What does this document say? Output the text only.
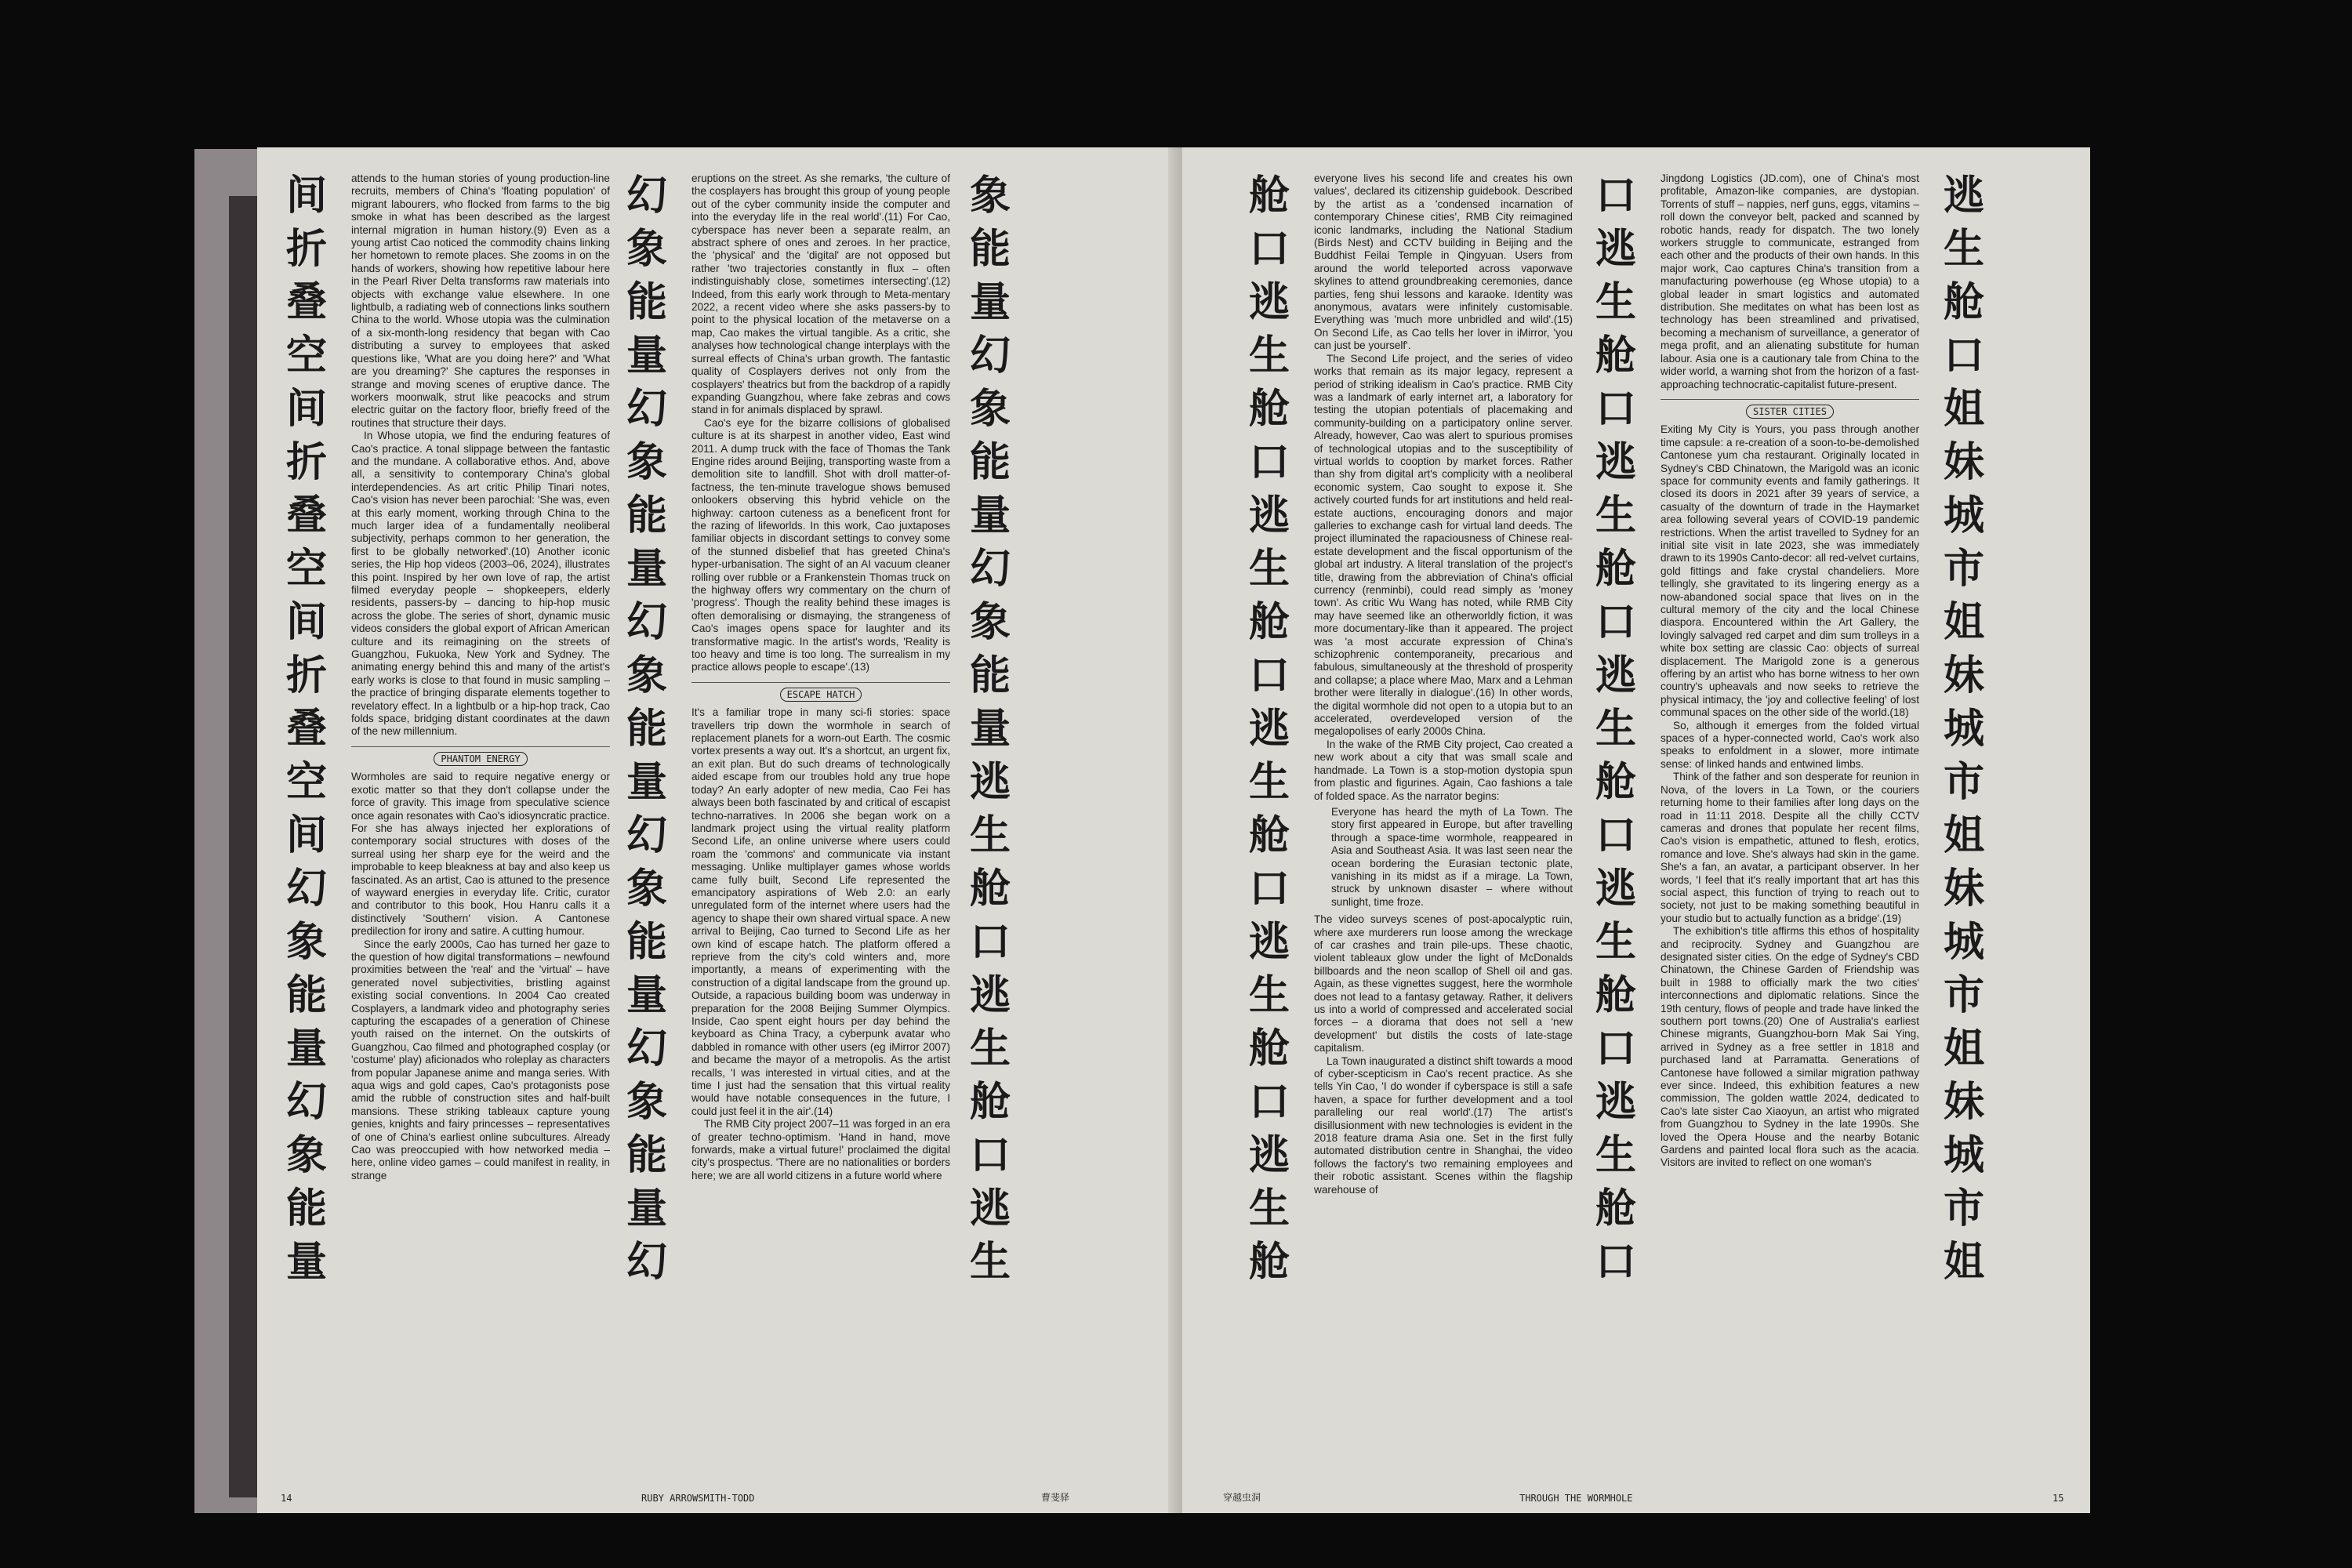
间折叠空间折叠空间折叠空间幻象能量幻象能量

attends to the human stories of young production-line recruits, members of China's 'floating population' of migrant labourers, who flocked from farms to the big smoke in what has been described as the largest internal migration in human history.(9) Even as a young artist Cao noticed the commodity chains linking her hometown to remote places. She zooms in on the hands of workers, showing how repetitive labour here in the Pearl River Delta transforms raw materials into objects with exchange value elsewhere. In one lightbulb, a radiating web of connections links southern China to the world. Whose utopia was the culmination of a six-month-long residency that began with Cao distributing a survey to employees that asked questions like, 'What are you doing here?' and 'What are you dreaming?' She captures the responses in strange and moving scenes of eruptive dance. The workers moonwalk, strut like peacocks and strum electric guitar on the factory floor, briefly freed of the routines that structure their days.

In Whose utopia, we find the enduring features of Cao's practice. A tonal slippage between the fantastic and the mundane. A collaborative ethos. And, above all, a sensitivity to contemporary China's global interdependencies. As art critic Philip Tinari notes, Cao's vision has never been parochial: 'She was, even at this early moment, working through China to the much larger idea of a fundamentally neoliberal subjectivity, perhaps common to her generation, the first to be globally networked'.(10) Another iconic series, the Hip hop videos (2003–06, 2024), illustrates this point. Inspired by her own love of rap, the artist filmed everyday people – shopkeepers, elderly residents, passers-by – dancing to hip-hop music across the globe. The series of short, dynamic music videos considers the global export of African American culture and its reimagining on the streets of Guangzhou, Fukuoka, New York and Sydney. The animating energy behind this and many of the artist's early works is close to that found in music sampling – the practice of bringing disparate elements together to revelatory effect. In a lightbulb or a hip-hop track, Cao folds space, bridging distant coordinates at the dawn of the new millennium.

PHANTOM ENERGY

Wormholes are said to require negative energy or exotic matter so that they don't collapse under the force of gravity. This image from speculative science once again resonates with Cao's idiosyncratic practice. For she has always injected her explorations of contemporary social structures with doses of the surreal using her sharp eye for the weird and the improbable to keep bleakness at bay and also keep us fascinated. As an artist, Cao is attuned to the presence of wayward energies in everyday life. Critic, curator and contributor to this book, Hou Hanru calls it a distinctively 'Southern' vision. A Cantonese predilection for irony and satire. A cutting humour.

Since the early 2000s, Cao has turned her gaze to the question of how digital transformations – newfound proximities between the 'real' and the 'virtual' – have generated novel subjectivities, bristling against existing social conventions. In 2004 Cao created Cosplayers, a landmark video and photography series capturing the escapades of a generation of Chinese youth raised on the internet. On the outskirts of Guangzhou, Cao filmed and photographed cosplay (or 'costume' play) aficionados who roleplay as characters from popular Japanese anime and manga series. With aqua wigs and gold capes, Cao's protagonists pose amid the rubble of construction sites and half-built mansions. These striking tableaux capture young genies, knights and fairy princesses – representatives of one of China's earliest online subcultures. Already Cao was preoccupied with how networked media – here, online video games – could manifest in reality, in strange

幻象能量幻象能量幻象能量幻象能量幻象能量幻

eruptions on the street. As she remarks, 'the culture of the cosplayers has brought this group of young people out of the cyber community inside the computer and into the everyday life in the real world'.(11) For Cao, cyberspace has never been a separate realm, an abstract sphere of ones and zeroes. In her practice, the 'physical' and the 'digital' are not opposed but rather 'two trajectories constantly in flux – often indistinguishably close, sometimes intersecting'.(12) Indeed, from this early work through to Meta-mentary 2022, a recent video where she asks passers-by to point to the physical location of the metaverse on a map, Cao makes the virtual tangible. As a critic, she analyses how technological change interplays with the surreal effects of China's urban growth. The fantastic quality of Cosplayers derives not only from the cosplayers' theatrics but from the backdrop of a rapidly expanding Guangzhou, where fake zebras and cows stand in for animals displaced by sprawl.

Cao's eye for the bizarre collisions of globalised culture is at its sharpest in another video, East wind 2011. A dump truck with the face of Thomas the Tank Engine rides around Beijing, transporting waste from a demolition site to landfill. Shot with droll matter-of-factness, the ten-minute travelogue shows bemused onlookers observing this hybrid vehicle on the highway: cartoon cuteness as a beneficent front for the razing of lifeworlds. In this work, Cao juxtaposes familiar objects in discordant settings to convey some of the stunned disbelief that has greeted China's hyper-urbanisation. The sight of an AI vacuum cleaner rolling over rubble or a Frankenstein Thomas truck on the highway offers wry commentary on the churn of 'progress'. Though the reality behind these images is often demoralising or dismaying, the strangeness of Cao's images opens space for laughter and its transformative magic. In the artist's words, 'Reality is too heavy and time is too long. The surrealism in my practice allows people to escape'.(13)

ESCAPE HATCH

It's a familiar trope in many sci-fi stories: space travellers trip down the wormhole in search of replacement planets for a worn-out Earth. The cosmic vortex presents a way out. It's a shortcut, an urgent fix, an exit plan. But do such dreams of technologically aided escape from our troubles hold any true hope today? An early adopter of new media, Cao Fei has always been both fascinated by and critical of escapist techno-narratives. In 2006 she began work on a landmark project using the virtual reality platform Second Life, an online universe where users could roam the 'commons' and communicate via instant messaging. Unlike multiplayer games whose worlds came fully built, Second Life represented the emancipatory aspirations of Web 2.0: an early unregulated form of the internet where users had the agency to shape their own shared virtual space. A new arrival to Beijing, Cao turned to Second Life as her own kind of escape hatch. The platform offered a reprieve from the city's cold winters and, more importantly, a means of experimenting with the construction of a digital landscape from the ground up. Outside, a rapacious building boom was underway in preparation for the 2008 Beijing Summer Olympics. Inside, Cao spent eight hours per day behind the keyboard as China Tracy, a cyberpunk avatar who dabbled in romance with other users (eg iMirror 2007) and became the mayor of a metropolis. As the artist recalls, 'I was interested in virtual cities, and at the time I just had the sensation that this virtual reality would have notable consequences in the future, I could just feel it in the air'.(14)

The RMB City project 2007–11 was forged in an era of greater techno-optimism. 'Hand in hand, move forwards, make a virtual future!' proclaimed the digital city's prospectus. 'There are no nationalities or borders here; we are all world citizens in a future world where

象能量幻象能量幻象能量逃生舱口逃生舱口逃生
14	RUBY ARROWSMITH-TODD	曹斐驿
舱口逃生舱口逃生舱口逃生舱口逃生舱口逃生舱

everyone lives his second life and creates his own values', declared its citizenship guidebook. Described by the artist as a 'condensed incarnation of contemporary Chinese cities', RMB City reimagined iconic landmarks, including the National Stadium (Birds Nest) and CCTV building in Beijing and the Buddhist Feilai Temple in Qingyuan. Users from around the world teleported across vaporwave skylines to attend groundbreaking ceremonies, dance parties, feng shui lessons and karaoke. Identity was anonymous, avatars were infinitely customisable. Everything was 'much more unbridled and wild'.(15) On Second Life, as Cao tells her lover in iMirror, 'you can just be yourself'.

The Second Life project, and the series of video works that remain as its major legacy, represent a period of striking idealism in Cao's practice. RMB City was a landmark of early internet art, a laboratory for testing the utopian potentials of placemaking and community-building on a participatory online server. Already, however, Cao was alert to spurious promises of technological utopias and to the susceptibility of virtual worlds to cooption by market forces. Rather than shy from digital art's complicity with a neoliberal economic system, Cao sought to expose it. She actively courted funds for art institutions and held real-estate auctions, encouraging donors and major galleries to exchange cash for virtual land deeds. The project illuminated the rapaciousness of Chinese real-estate development and the fiscal opportunism of the global art industry. A literal translation of the project's title, drawing from the abbreviation of China's official currency (renminbi), could read simply as 'money town'. As critic Wu Wang has noted, while RMB City may have seemed like an otherworldly fiction, it was more documentary-like than it appeared. The project was 'a most accurate expression of China's schizophrenic contemporaneity, precarious and fabulous, simultaneously at the threshold of prosperity and collapse; a place where Mao, Marx and a Lehman brother were literally in dialogue'.(16) In other words, the digital wormhole did not open to a utopia but to an accelerated, overdeveloped version of the megalopolises of early 2000s China.

In the wake of the RMB City project, Cao created a new work about a city that was small scale and handmade. La Town is a stop-motion dystopia spun from plastic and figurines. Again, Cao fashions a tale of folded space. As the narrator begins:

Everyone has heard the myth of La Town. The story first appeared in Europe, but after travelling through a space-time wormhole, reappeared in Asia and Southeast Asia. It was last seen near the ocean bordering the Eurasian tectonic plate, vanishing in its midst as if a mirage. La Town, struck by unknown disaster – where without sunlight, time froze.

The video surveys scenes of post-apocalyptic ruin, where axe murderers run loose among the wreckage of car crashes and train pile-ups. These chaotic, violent tableaux glow under the light of McDonalds billboards and the neon scallop of Shell oil and gas. Again, as these vignettes suggest, here the wormhole does not lead to a fantasy getaway. Rather, it delivers us into a world of compressed and accelerated social forces – a diorama that does not sell a 'new development' but distils the costs of late-stage capitalism.

La Town inaugurated a distinct shift towards a mood of cyber-scepticism in Cao's recent practice. As she tells Yin Cao, 'I do wonder if cyberspace is still a safe haven, a space for further development and a tool paralleling our real world'.(17) The artist's disillusionment with new technologies is evident in the 2018 feature drama Asia one. Set in the first fully automated distribution centre in Shanghai, the video follows the factory's two remaining employees and their robotic assistant. Scenes within the flagship warehouse of

口逃生舱口逃生舱口逃生舱口逃生舱口逃生舱口

Jingdong Logistics (JD.com), one of China's most profitable, Amazon-like companies, are dystopian. Torrents of stuff – nappies, nerf guns, eggs, vitamins – roll down the conveyor belt, packed and scanned by robotic hands, ready for dispatch. The two lonely workers struggle to communicate, estranged from each other and the products of their own hands. In this major work, Cao captures China's transition from a manufacturing powerhouse (eg Whose utopia) to a global leader in smart logistics and automated distribution. She meditates on what has been lost as technology has been streamlined and privatised, becoming a mechanism of surveillance, a generator of mega profit, and an alienating substitute for human labour. Asia one is a cautionary tale from China to the wider world, a warning shot from the horizon of a fast-approaching technocratic-capitalist future-present.

SISTER CITIES

Exiting My City is Yours, you pass through another time capsule: a re-creation of a soon-to-be-demolished Cantonese yum cha restaurant. Originally located in Sydney's CBD Chinatown, the Marigold was an iconic space for community events and family gatherings. It closed its doors in 2021 after 39 years of service, a casualty of the downturn of trade in the Haymarket area following several years of COVID-19 pandemic restrictions. When the artist travelled to Sydney for an initial site visit in late 2023, she was immediately drawn to its 1990s Canto-decor: all red-velvet curtains, gold fittings and fake crystal chandeliers. More tellingly, she gravitated to its lingering energy as a now-abandoned social space that lives on in the cultural memory of the city and the local Chinese diaspora. Encountered within the Art Gallery, the lovingly salvaged red carpet and dim sum trolleys in a white box setting are classic Cao: objects of surreal displacement. The Marigold zone is a generous offering by an artist who has borne witness to her own country's upheavals and now seeks to retrieve the physical intimacy, the 'joy and collective feeling' of lost communal spaces on the other side of the world.(18)

So, although it emerges from the folded virtual spaces of a hyper-connected world, Cao's work also speaks to enfoldment in a slower, more intimate sense: of linked hands and entwined limbs.

Think of the father and son desperate for reunion in Nova, of the lovers in La Town, or the couriers returning home to their families after long days on the road in 11:11 2018. Despite all the chilly CCTV cameras and drones that populate her recent films, Cao's vision is empathetic, attuned to flesh, erotics, romance and love. She's always had skin in the game. She's a fan, an avatar, a participant observer. In her words, 'I feel that it's really important that art has this social aspect, this function of trying to reach out to society, not just to be making something beautiful in your studio but to actually function as a bridge'.(19)

The exhibition's title affirms this ethos of hospitality and reciprocity. Sydney and Guangzhou are designated sister cities. On the edge of Sydney's CBD Chinatown, the Chinese Garden of Friendship was built in 1988 to officially mark the two cities' interconnections and diplomatic relations. Since the 19th century, flows of people and trade have linked the southern port towns.(20) One of Australia's earliest Chinese migrants, Guangzhou-born Mak Sai Ying, arrived in Sydney as a free settler in 1818 and purchased land at Parramatta. Generations of Cantonese have followed a similar migration pathway ever since. Indeed, this exhibition features a new commission, The golden wattle 2024, dedicated to Cao's late sister Cao Xiaoyun, an artist who migrated from Guangzhou to Sydney in the late 1990s. She loved the Opera House and the nearby Botanic Gardens and painted local flora such as the acacia. Visitors are invited to reflect on one woman's

逃生舱口姐妹城市姐妹城市姐妹城市姐妹城市姐
穿越虫洞	THROUGH THE WORMHOLE	15
